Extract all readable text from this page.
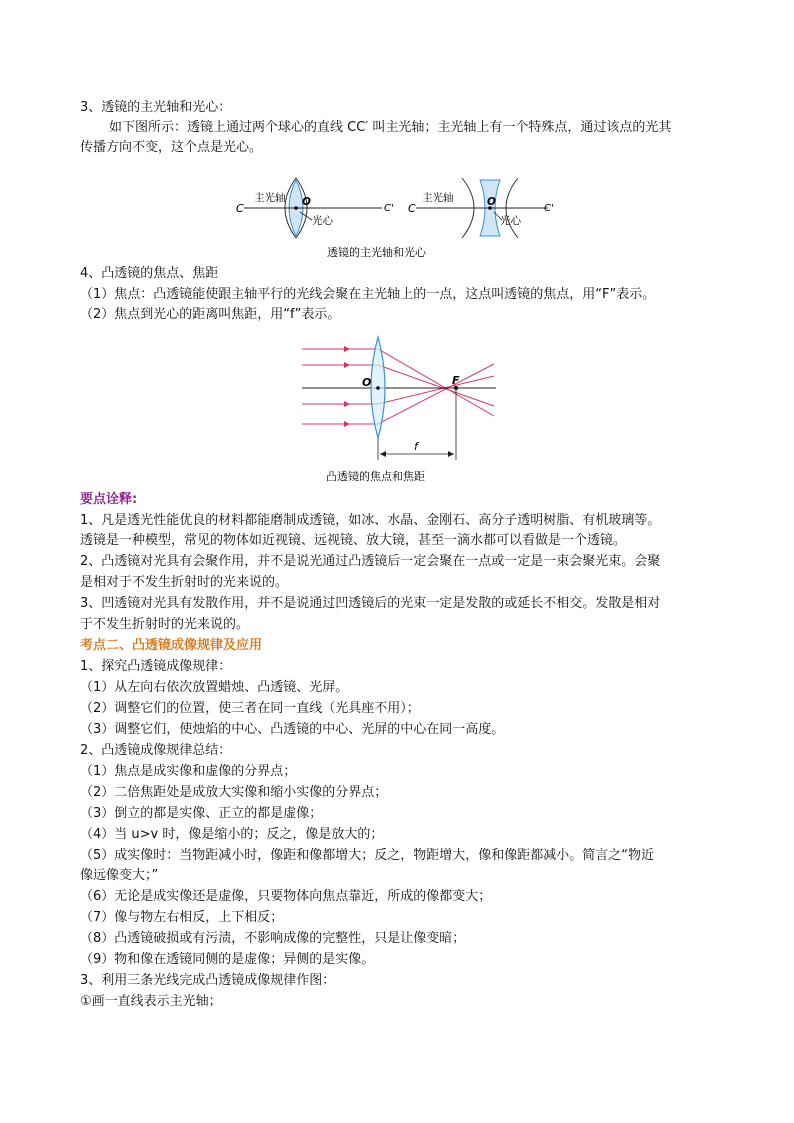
3、透镜的主光轴和光心：
如下图所示：透镜上通过两个球心的直线 CC′ 叫主光轴；主光轴上有一个特殊点，通过该点的光其
传播方向不变，这个点是光心。
C	C'
主光轴 O
光心
C	C'
主光轴	O
光心
透镜的主光轴和光心
4、凸透镜的焦点、焦距
（1）焦点：凸透镜能使跟主轴平行的光线会聚在主光轴上的一点，这点叫透镜的焦点，用“F”表示。
（2）焦点到光心的距离叫焦距，用“f”表示。
O	F
f
凸透镜的焦点和焦距
要点诠释:
1、凡是透光性能优良的材料都能磨制成透镜，如冰、水晶、金刚石、高分子透明树脂、有机玻璃等。
透镜是一种模型，常见的物体如近视镜、远视镜、放大镜，甚至一滴水都可以看做是一个透镜。
2、凸透镜对光具有会聚作用，并不是说光通过凸透镜后一定会聚在一点或一定是一束会聚光束。会聚
是相对于不发生折射时的光来说的。
3、凹透镜对光具有发散作用，并不是说通过凹透镜后的光束一定是发散的或延长不相交。发散是相对
于不发生折射时的光来说的。
考点二、凸透镜成像规律及应用
1、探究凸透镜成像规律：
（1）从左向右依次放置蜡烛、凸透镜、光屏。
（2）调整它们的位置，使三者在同一直线（光具座不用）；
（3）调整它们，使烛焰的中心、凸透镜的中心、光屏的中心在同一高度。
2、凸透镜成像规律总结：
（1）焦点是成实像和虚像的分界点；
（2）二倍焦距处是成放大实像和缩小实像的分界点；
（3）倒立的都是实像、正立的都是虚像；
（4）当 u>v 时，像是缩小的；反之，像是放大的；
（5）成实像时：当物距减小时，像距和像都增大；反之，物距增大，像和像距都减小。简言之“物近
像远像变大；”
（6）无论是成实像还是虚像，只要物体向焦点靠近，所成的像都变大；
（7）像与物左右相反，上下相反；
（8）凸透镜破损或有污渍，不影响成像的完整性，只是让像变暗；
（9）物和像在透镜同侧的是虚像；异侧的是实像。
3、利用三条光线完成凸透镜成像规律作图：
①画一直线表示主光轴；
